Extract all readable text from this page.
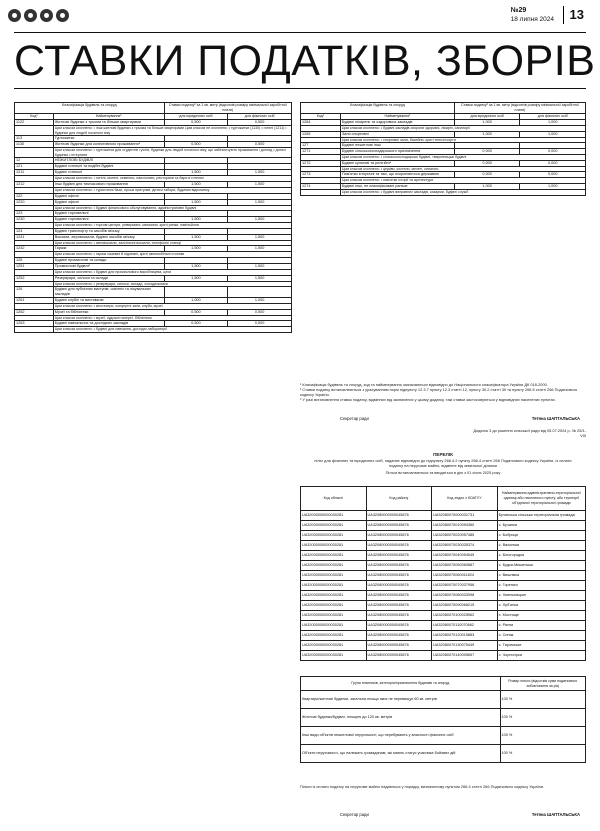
№29
18 липня 2024	13
СТАВКИ ПОДАТКІВ, ЗБОРІВ
Класифікація будівель та споруд		Ставки податку² за 1 кв. метр (відсотків розміру мінімальної заробітної плати)	
Код¹	Найменування¹	для юридичних осіб	для фізичних осіб
1122	Житлові будинки з трьома та більше квартирами	0,500	0,500
	Цим класом охоплено: • інші житлові будинки з трьома та більше квартирами Цим класом не охоплено: • гуртожитки (1130) • готелі (1211) • будинки для людей похилого віку		
113	Гуртожитки		
1130	Житлові будинки для колективного проживання⁴	0,500	0,500
	Цим класом охоплено: • гуртожитки для студентів і учнів, будинки для людей похилого віку, що забезпечують проживання і догляд • дитячі будинки • інтернати		
12	НЕЖИТЛОВІ БУДІВЛІ		
121	Будівлі готельні та подібні будівлі		
1211	Будівлі готельні	1,500	1,500
	Цим класом охоплено: • готелі, мотелі, кемпінги, пансіонати, ресторани та бари в готелях		
1212	Інші будівлі для тимчасового проживання	1,500	1,500
	Цим класом охоплено: • туристичні бази, гірські притулки, дитячі табори, будинки відпочинку		
122	Будівлі офісні		
1220	Будівлі офісні	1,500	1,500
	Цим класом охоплено: • будівлі фінансового обслуговування, адміністративні будівлі		
123	Будівлі торговельні		
1230	Будівлі торговельні	1,500	1,500
	Цим класом охоплено: • торгові центри, універмаги, магазини, криті ринки, павільйони		
124	Будівлі транспорту та засобів зв'язку		
1241	Вокзали, аеровокзали, будівлі засобів зв'язку	1,500	1,500
	Цим класом охоплено: • автовокзали, залізничні вокзали, телефонні станції		
1242	Гаражі	1,500	1,500
	Цим класом охоплено: • гаражі наземні й підземні, криті автомобільні стоянки		
125	Будівлі промислові та склади		
1251	Промислові будівлі⁴	1,500	1,500
	Цим класом охоплено: • будівлі для промислового виробництва, цехи		
1252	Резервуари, силоси та склади	1,500	1,500
	Цим класом охоплено: • резервуари, силоси, склади, холодильники		
126	Будівлі для публічних виступів, освітніх та лікувальних закладів		
1261	Будівлі клубні та виставкові	1,000	1,000
	Цим класом охоплено: • кінотеатри, концертні зали, клуби, музеї		
1262	Музеї та бібліотеки	0,500	0,500
	Цим класом охоплено: • музеї, художні галереї, бібліотеки		
1263	Будівлі навчальних та дослідних закладів	0,500	0,500
	Цим класом охоплено: • будівлі для навчання, дослідні лабораторії		
Класифікація будівель та споруд		Ставки податку² за 1 кв. метр (відсотків розміру мінімальної заробітної плати)	
Код¹	Найменування¹	для юридичних осіб	для фізичних осіб
1264	Будівлі лікарень та оздоровчих закладів	1,000	1,000
	Цим класом охоплено: • будівлі закладів охорони здоров'я, лікарні, санаторії		
1265	Зали спортивні	1,000	1,000
	Цим класом охоплено: • спортивні зали, басейни, криті тенісні корти		
127	Будівлі нежитлові інші		
1271	Будівлі сільськогосподарського призначення	0,000	0,000
	Цим класом охоплено: • сільськогосподарські будівлі, тваринницькі будівлі		
1272	Будівлі культові та релігійні⁴	0,000	0,000
	Цим класом охоплено: • церкви, костели, мечеті, синагоги		
1273	Пам'ятки історичні та такі, що охороняються державою	0,000	0,000
	Цим класом охоплено: • пам'ятки історії та архітектури		
1274	Будівлі інші, не класифіковані раніше	1,000	1,000
	Цим класом охоплено: • будівлі виправних закладів, казарми, будівлі служб		

¹ Класифікація будівель та споруд, код та найменування зазначаються відповідно до Національного класифікатора України ДК 018-2000.

² Ставки податку встановлюються з урахуванням норм підпункту 12.3.7 пункту 12.3 статті 12, пункту 30.2 статті 30 та пункту 266.5 статті 266 Податкового кодексу України.

³ У разі встановлення ставок податку, відмінних від зазначених у цьому додатку, такі ставки застосовуються у відповідних населених пунктах.

Секретар ради	Тетяна ШАПТАЛЬСЬКА
Додаток 3 до рішення сільської ради від 05.07.2024 р. № 25/1-VIII
ПЕРЕЛІК
пільг для фізичних та юридичних осіб, наданих відповідно до підпункту 266.4.2 пункту 266.4 статті 266 Податкового кодексу України, із сплати податку на нерухоме майно, відмінне від земельної ділянки
Пільги встановлюються та вводяться в дію з 01 січня 2025 року
Код області	Код району	Код згідно з КОАТУУ	Найменування адміністративно-територіальної одиниці або населеного пункту, або території об'єднаної територіальної громади
UA32000000000030281	UA32080000000045876	UA32080070000031731	Бучанська сільська територіальна громада
UA32000000000030281	UA32080000000045876	UA32080070010094360	с. Бучанка
UA32000000000030281	UA32080000000045876	UA32080070020057485	с. Бобриця
UA32000000000030281	UA32080000000045876	UA32080070030035374	с. Васильки
UA32000000000030281	UA32080000000045876	UA32080070040054545	с. Білогородка
UA32000000000030281	UA32080000000045876	UA32080070050060887	с. Будки-Мишенські
UA32000000000030281	UA32080000000045876	UA32080070060011824	с. Вишнівка
UA32000000000030281	UA32080000000045876	UA32080070070037956	с. Гореничі
UA32000000000030281	UA32080000000045876	UA32080070080033098	с. Хмельницьке
UA32000000000030281	UA32080000000045876	UA32080070090068215	с. Лубʼянка
UA32000000000030281	UA32080000000045876	UA32080070100025562	с. Мостище
UA32000000000030281	UA32080000000045876	UA32080070110070662	с. Рахни
UA32000000000030281	UA32080000000045876	UA32080070120015883	с. Синяк
UA32000000000030281	UA32080000000045876	UA32080070130075449	с. Таромське
UA32000000000030281	UA32080000000045876	UA32080070140005657	с. Чорногірка
Група платників, категорія/призначення будинків та споруд	Розмір пільги (відсотків суми податкового зобов'язання за рік)
Квартири/житлові будинки, загальна площа яких не перевищує 60 кв. метрів	100 %
Житлові будинки/будівлі, площею до 120 кв. метрів	100 %
Інші види об'єктів нежитлової нерухомості, що перебувають у власності фізичних осіб	100 %
Об'єкти нерухомості, що належать громадянам, які мають статус учасника бойових дій	100 %
Пільги із сплати податку на нерухоме майно надаються у порядку, визначеному пунктом 266.4 статті 266 Податкового кодексу України.
Секретар ради	Тетяна ШАПТАЛЬСЬКА
